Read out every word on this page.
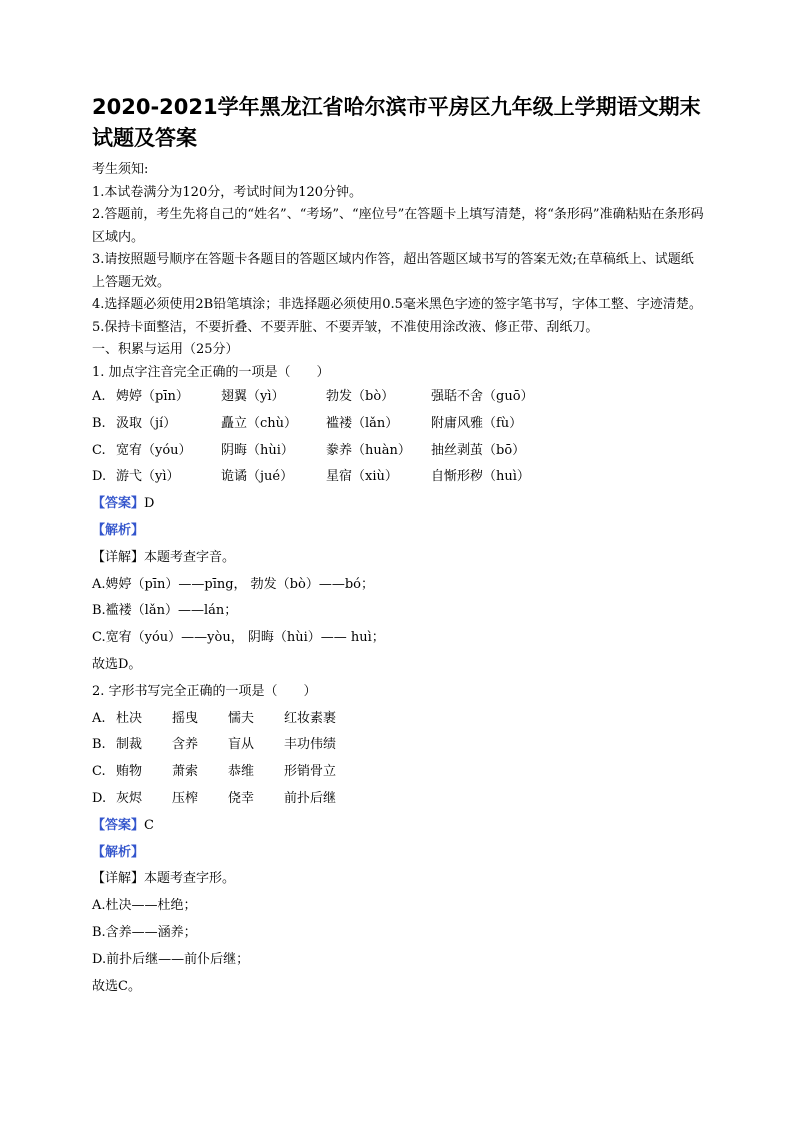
2020-2021学年黑龙江省哈尔滨市平房区九年级上学期语文期末试题及答案
考生须知:
1.本试卷满分为120分，考试时间为120分钟。
2.答题前，考生先将自己的“姓名”、“考场”、“座位号”在答题卡上填写清楚，将“条形码”准确粘贴在条形码区域内。
3.请按照题号顺序在答题卡各题目的答题区域内作答，超出答题区域书写的答案无效;在草稿纸上、试题纸上答题无效。
4.选择题必须使用2B铅笔填涂；非选择题必须使用0.5毫米黑色字迹的签字笔书写，字体工整、字迹清楚。
5.保持卡面整洁，不要折叠、不要弄脏、不要弄皱，不准使用涂改液、修正带、刮纸刀。
一、积累与运用（25分）
1. 加点字注音完全正确的一项是（　　）
A. 娉婷（pīn）	翅翼（yì）	勃发（bò）	强聒不舍（guō）
B. 汲取（jí）	矗立（chù）	褴褛（lǎn）	附庸风雅（fù）
C. 宽宥（yóu）	阴晦（hùi）	豢养（huàn）	抽丝剥茧（bō）
D. 游弋（yì）	诡谲（jué）	星宿（xiù）	自惭形秽（huì）
【答案】D
【解析】
【详解】本题考查字音。
A.娉婷（pīn）——pīng， 勃发（bò）——bó；
B.褴褛（lǎn）——lán；
C.宽宥（yóu）——yòu， 阴晦（hùi）—— huì；
故选D。
2. 字形书写完全正确的一项是（　　）
A. 杜决	摇曳	懦夫	红妆素裹
B. 制裁	含养	盲从	丰功伟绩
C. 贿物	萧索	恭维	形销骨立
D. 灰烬	压榨	侥幸	前扑后继
【答案】C
【解析】
【详解】本题考查字形。
A.杜决——杜绝；
B.含养——涵养；
D.前扑后继——前仆后继；
故选C。
